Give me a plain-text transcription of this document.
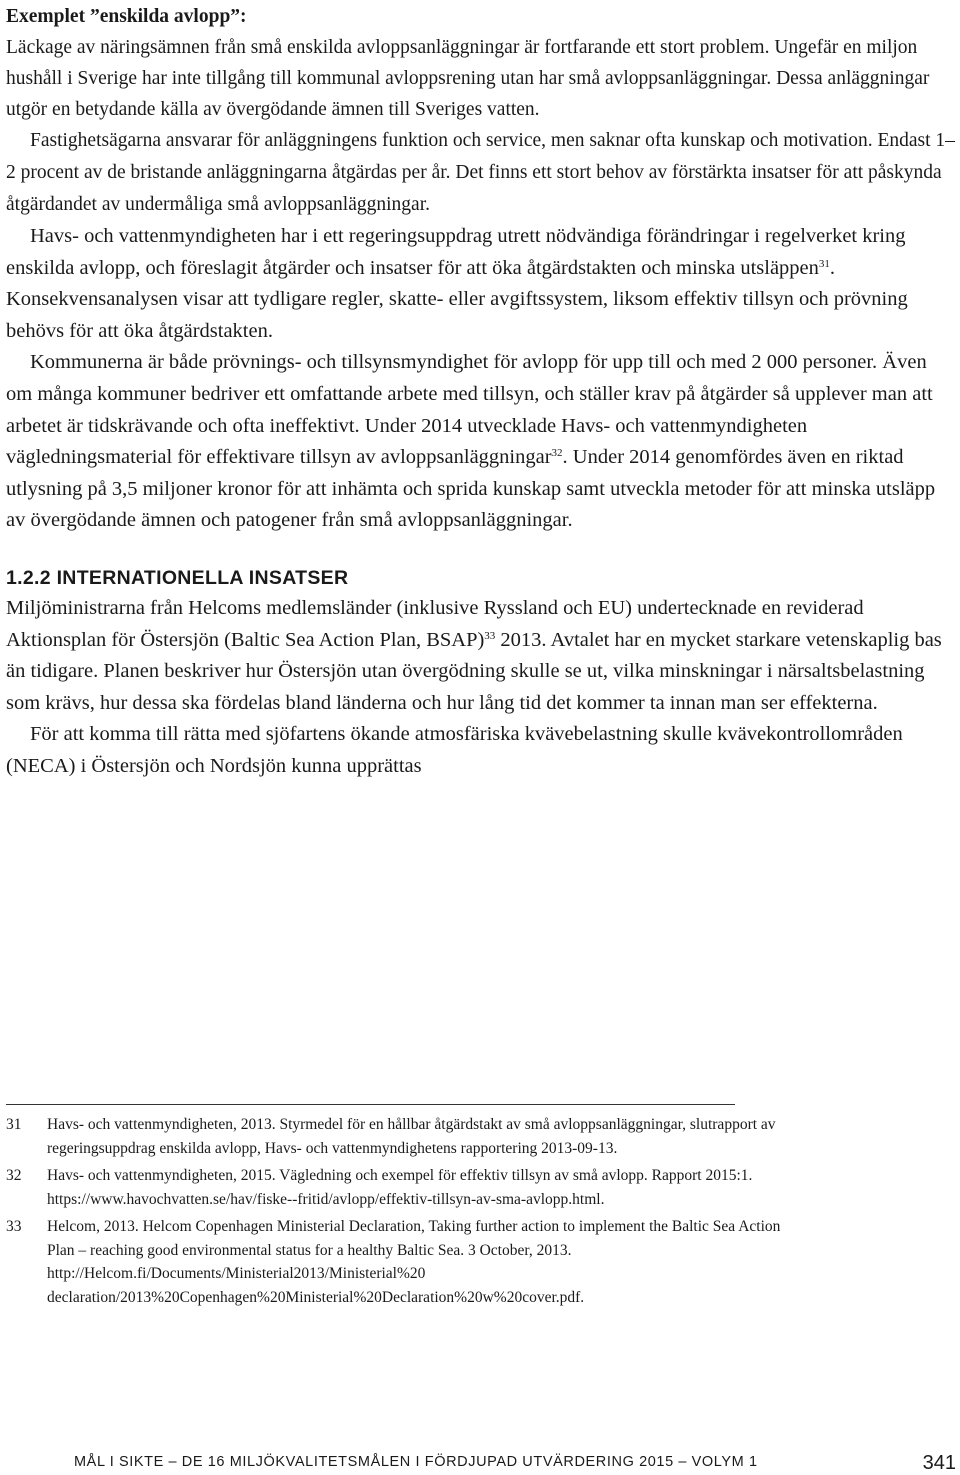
Exemplet ”enskilda avlopp”:

Läckage av näringsämnen från små enskilda avloppsanläggningar är fortfarande ett stort problem. Ungefär en miljon hushåll i Sverige har inte tillgång till kommunal avloppsrening utan har små avloppsanläggningar. Dessa anläggningar utgör en betydande källa av övergödande ämnen till Sveriges vatten.

Fastighetsägarna ansvarar för anläggningens funktion och service, men saknar ofta kunskap och motivation. Endast 1–2 procent av de bristande anläggningarna åtgärdas per år. Det finns ett stort behov av förstärkta insatser för att påskynda åtgärdandet av undermåliga små avloppsanläggningar.

Havs- och vattenmyndigheten har i ett regeringsuppdrag utrett nödvändiga förändringar i regelverket kring enskilda avlopp, och föreslagit åtgärder och insatser för att öka åtgärdstakten och minska utsläppen$^{31}$. Konsekvensanalysen visar att tydligare regler, skatte- eller avgiftssystem, liksom effektiv tillsyn och prövning behövs för att öka åtgärdstakten.

Kommunerna är både prövnings- och tillsynsmyndighet för avlopp för upp till och med 2 000 personer. Även om många kommuner bedriver ett omfattande arbete med tillsyn, och ställer krav på åtgärder så upplever man att arbetet är tidskrävande och ofta ineffektivt. Under 2014 utvecklade Havs- och vattenmyndigheten vägledningsmaterial för effektivare tillsyn av avloppsanläggningar$^{32}$. Under 2014 genomfördes även en riktad utlysning på 3,5 miljoner kronor för att inhämta och sprida kunskap samt utveckla metoder för att minska utsläpp av övergödande ämnen och patogener från små avloppsanläggningar.

1.2.2 INTERNATIONELLA INSATSER

Miljöministrarna från Helcoms medlemsländer (inklusive Ryssland och EU) undertecknade en reviderad Aktionsplan för Östersjön (Baltic Sea Action Plan, BSAP)$^{33}$ 2013. Avtalet har en mycket starkare vetenskaplig bas än tidigare. Planen beskriver hur Östersjön utan övergödning skulle se ut, vilka minskningar i närsaltsbelastning som krävs, hur dessa ska fördelas bland länderna och hur lång tid det kommer ta innan man ser effekterna.

För att komma till rätta med sjöfartens ökande atmosfäriska kvävebelastning skulle kvävekontrollområden (NECA) i Östersjön och Nordsjön kunna upprättas

31	Havs- och vattenmyndigheten, 2013. Styrmedel för en hållbar åtgärdstakt av små avloppsanläggningar, slutrapport av regeringsuppdrag enskilda avlopp, Havs- och vattenmyndighetens rapportering 2013-09-13.
32	Havs- och vattenmyndigheten, 2015. Vägledning och exempel för effektiv tillsyn av små avlopp. Rapport 2015:1. https://www.havochvatten.se/hav/fiske--fritid/avlopp/effektiv-tillsyn-av-sma-avlopp.html.
33	Helcom, 2013. Helcom Copenhagen Ministerial Declaration, Taking further action to implement the Baltic Sea Action Plan – reaching good environmental status for a healthy Baltic Sea. 3 October, 2013. http://Helcom.fi/Documents/Ministerial2013/Ministerial%20 declaration/2013%20Copenhagen%20Ministerial%20Declaration%20w%20cover.pdf.
MÅL I SIKTE – DE 16 MILJÖKVALITETSMÅLEN I FÖRDJUPAD UTVÄRDERING 2015 – VOLYM 1	341
